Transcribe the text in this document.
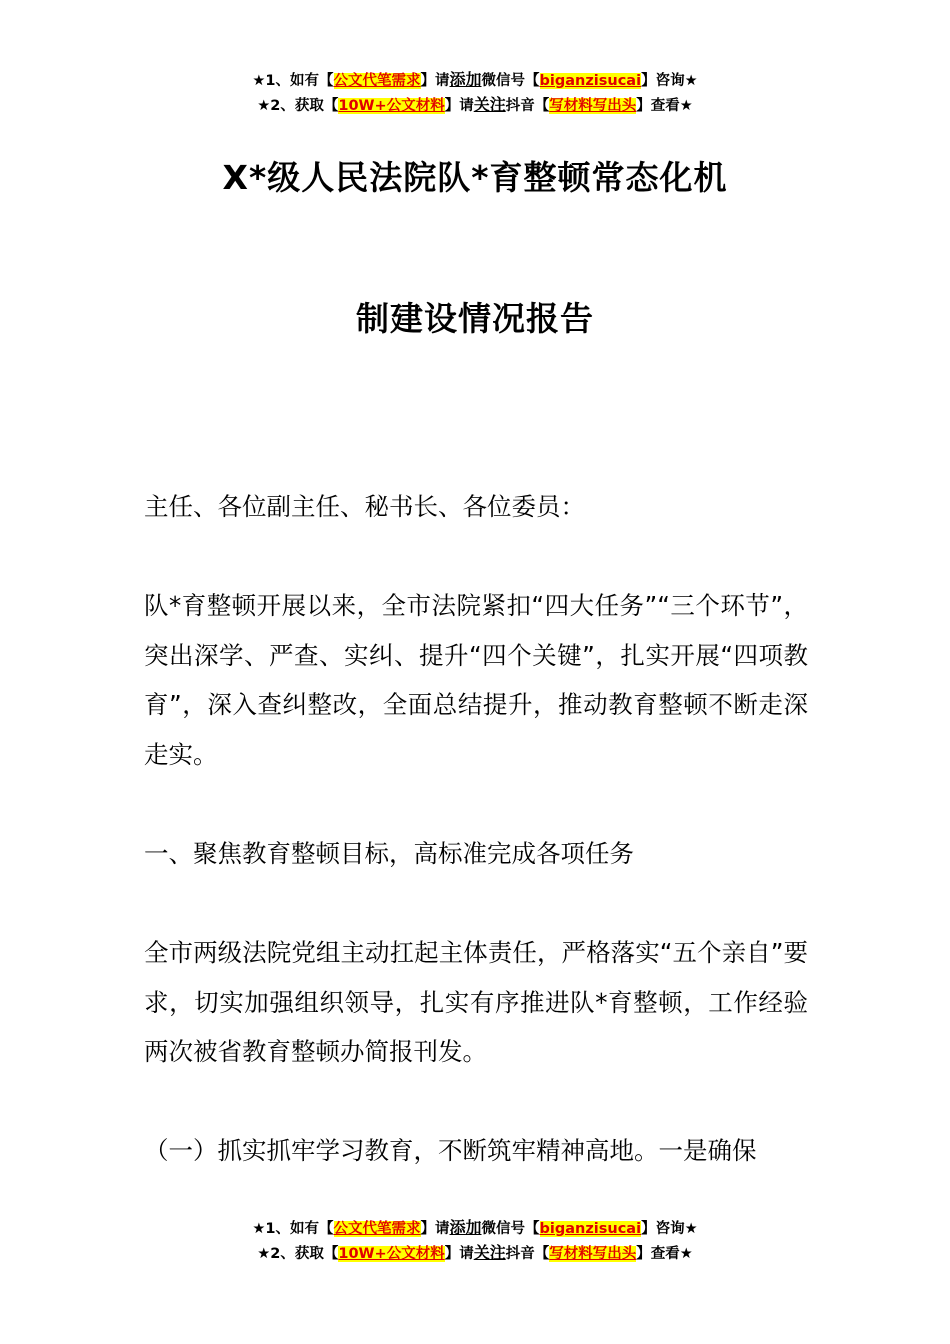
★1、如有【公文代笔需求】请添加微信号【biganzisucai】咨询★
★2、获取【10W+公文材料】请关注抖音【写材料写出头】查看★
X*级人民法院队*育整顿常态化机
制建设情况报告
主任、各位副主任、秘书长、各位委员：
队*育整顿开展以来，全市法院紧扣“四大任务”“三个环节”，突出深学、严查、实纠、提升“四个关键”，扎实开展“四项教育”，深入查纠整改，全面总结提升，推动教育整顿不断走深走实。
一、聚焦教育整顿目标，高标准完成各项任务
全市两级法院党组主动扛起主体责任，严格落实“五个亲自”要求，切实加强组织领导，扎实有序推进队*育整顿，工作经验两次被省教育整顿办简报刊发。
（一）抓实抓牢学习教育，不断筑牢精神高地。一是确保
★1、如有【公文代笔需求】请添加微信号【biganzisucai】咨询★
★2、获取【10W+公文材料】请关注抖音【写材料写出头】查看★
